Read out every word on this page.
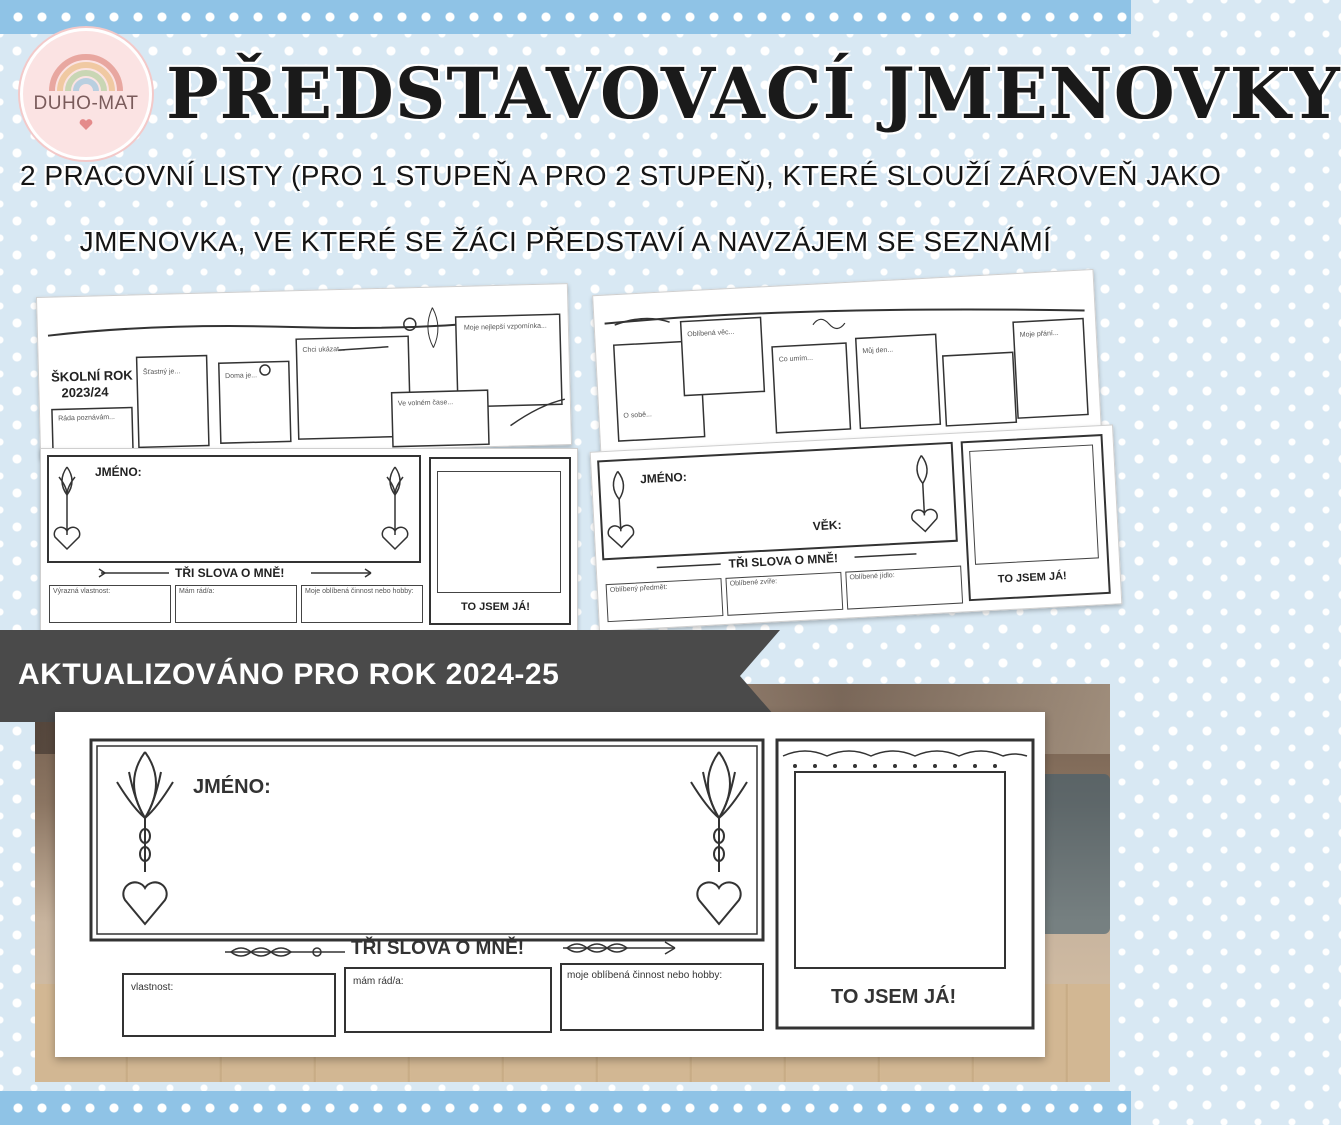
DUHO-MAT PŘEDSTAVOVACÍ JMENOVKY
2 PRACOVNÍ LISTY (PRO 1 STUPEŇ A PRO 2 STUPEŇ), KTERÉ SLOUŽÍ ZÁROVEŇ JAKO
JMENOVKA, VE KTERÉ SE ŽÁCI PŘEDSTAVÍ A NAVZÁJEM SE SEZNÁMÍ
ŠKOLNÍ ROK
2023/24
Šťastný je...	Doma je...
Chci ukázat...
Moje nejlepší vzpomínka...
Ve volném čase...
Ráda poznávám...
JMÉNO:
TŘI SLOVA O MNĚ!
Výrazná vlastnost:	Mám rád/a:	Moje oblíbená činnost nebo hobby:
TO JSEM JÁ!
O sobě...
Oblíbená věc...
Co umím...
Můj den...
Moje přání...
JMÉNO:
VĚK:
TŘI SLOVA O MNĚ!
Oblíbený předmět:
Oblíbené zvíře:
Oblíbené jídlo:	TO JSEM JÁ!
AKTUALIZOVÁNO PRO ROK 2024-25
JMÉNO:
TŘI SLOVA O MNĚ!
vlastnost:
mám rád/a:
moje oblíbená činnost nebo hobby:
TO JSEM JÁ!
